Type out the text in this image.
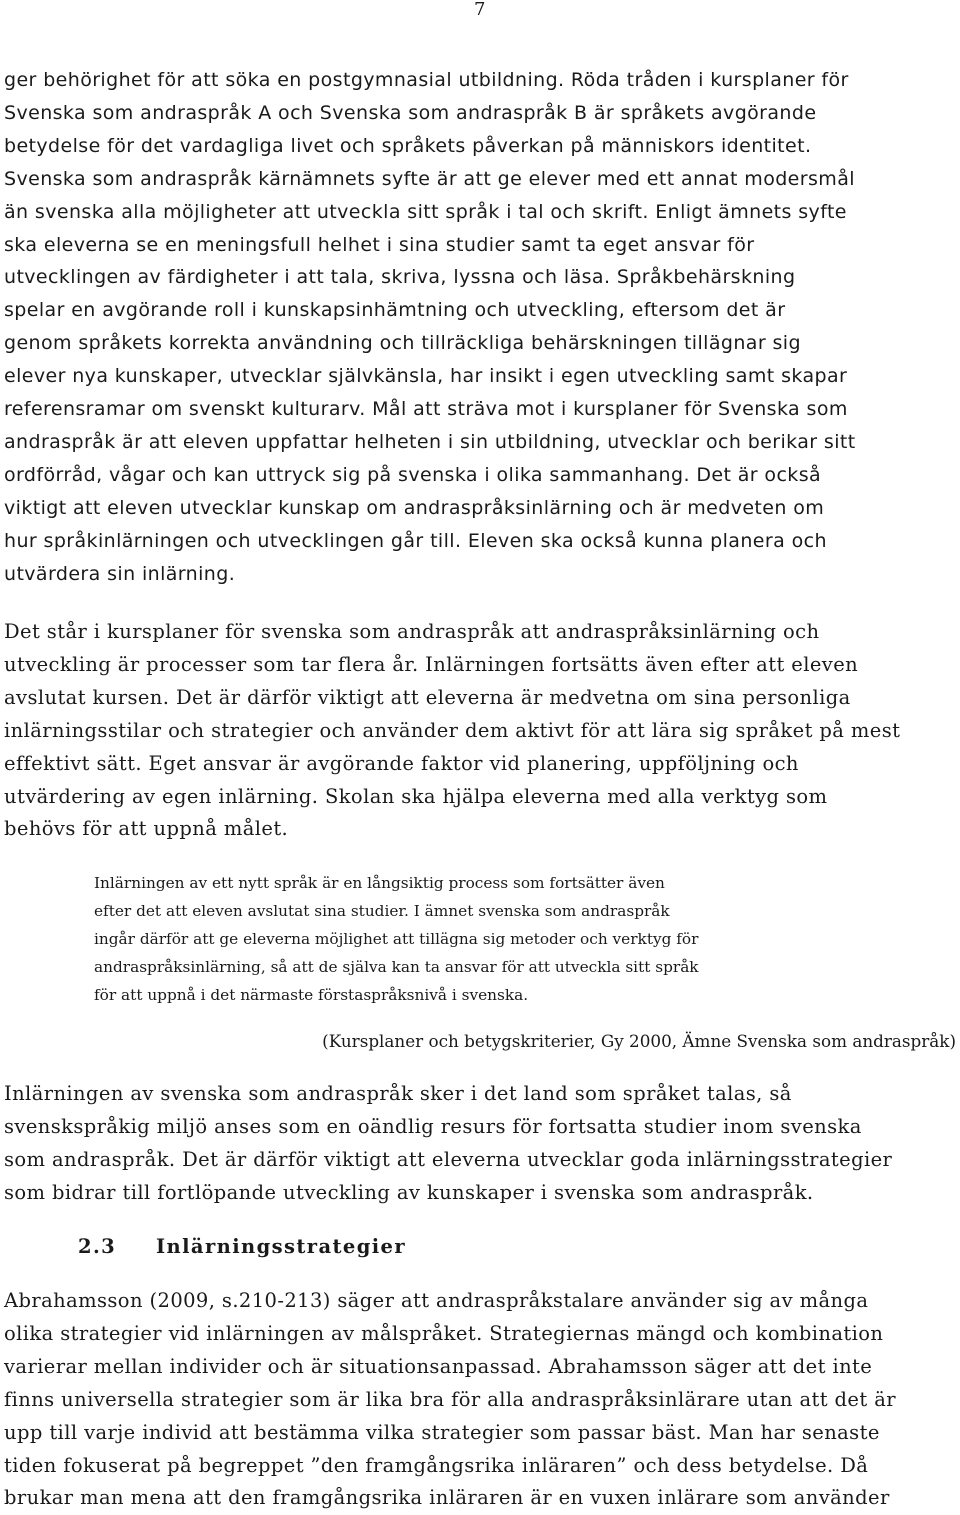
7
ger behörighet för att söka en postgymnasial utbildning. Röda tråden i kursplaner för
Svenska som andraspråk A och Svenska som andraspråk B är språkets avgörande
betydelse för det vardagliga livet och språkets påverkan på människors identitet.
Svenska som andraspråk kärnämnets syfte är att ge elever med ett annat modersmål
än svenska alla möjligheter att utveckla sitt språk i tal och skrift. Enligt ämnets syfte
ska eleverna se en meningsfull helhet i sina studier samt ta eget ansvar för
utvecklingen av färdigheter i att tala, skriva, lyssna och läsa. Språkbehärskning
spelar en avgörande roll i kunskapsinhämtning och utveckling, eftersom det är
genom språkets korrekta användning och tillräckliga behärskningen tillägnar sig
elever nya kunskaper, utvecklar självkänsla, har insikt i egen utveckling samt skapar
referensramar om svenskt kulturarv. Mål att sträva mot i kursplaner för Svenska som
andraspråk är att eleven uppfattar helheten i sin utbildning, utvecklar och berikar sitt
ordförråd, vågar och kan uttryck sig på svenska i olika sammanhang. Det är också
viktigt att eleven utvecklar kunskap om andraspråksinlärning och är medveten om
hur språkinlärningen och utvecklingen går till. Eleven ska också kunna planera och
utvärdera sin inlärning.
Det står i kursplaner för svenska som andraspråk att andraspråksinlärning och
utveckling är processer som tar flera år. Inlärningen fortsätts även efter att eleven
avslutat kursen. Det är därför viktigt att eleverna är medvetna om sina personliga
inlärningsstilar och strategier och använder dem aktivt för att lära sig språket på mest
effektivt sätt. Eget ansvar är avgörande faktor vid planering, uppföljning och
utvärdering av egen inlärning. Skolan ska hjälpa eleverna med alla verktyg som
behövs för att uppnå målet.
Inlärningen av ett nytt språk är en långsiktig process som fortsätter även
efter det att eleven avslutat sina studier. I ämnet svenska som andraspråk
ingår därför att ge eleverna möjlighet att tillägna sig metoder och verktyg för
andraspråksinlärning, så att de själva kan ta ansvar för att utveckla sitt språk
för att uppnå i det närmaste förstaspråksnivå i svenska.
(Kursplaner och betygskriterier, Gy 2000, Ämne Svenska som andraspråk)
Inlärningen av svenska som andraspråk sker i det land som språket talas, så
svenskspråkig miljö anses som en oändlig resurs för fortsatta studier inom svenska
som andraspråk. Det är därför viktigt att eleverna utvecklar goda inlärningsstrategier
som bidrar till fortlöpande utveckling av kunskaper i svenska som andraspråk.
2.3 Inlärningsstrategier
Abrahamsson (2009, s.210-213) säger att andraspråkstalare använder sig av många
olika strategier vid inlärningen av målspråket. Strategiernas mängd och kombination
varierar mellan individer och är situationsanpassad. Abrahamsson säger att det inte
finns universella strategier som är lika bra för alla andraspråksinlärare utan att det är
upp till varje individ att bestämma vilka strategier som passar bäst. Man har senaste
tiden fokuserat på begreppet ”den framgångsrika inläraren” och dess betydelse. Då
brukar man mena att den framgångsrika inläraren är en vuxen inlärare som använder
